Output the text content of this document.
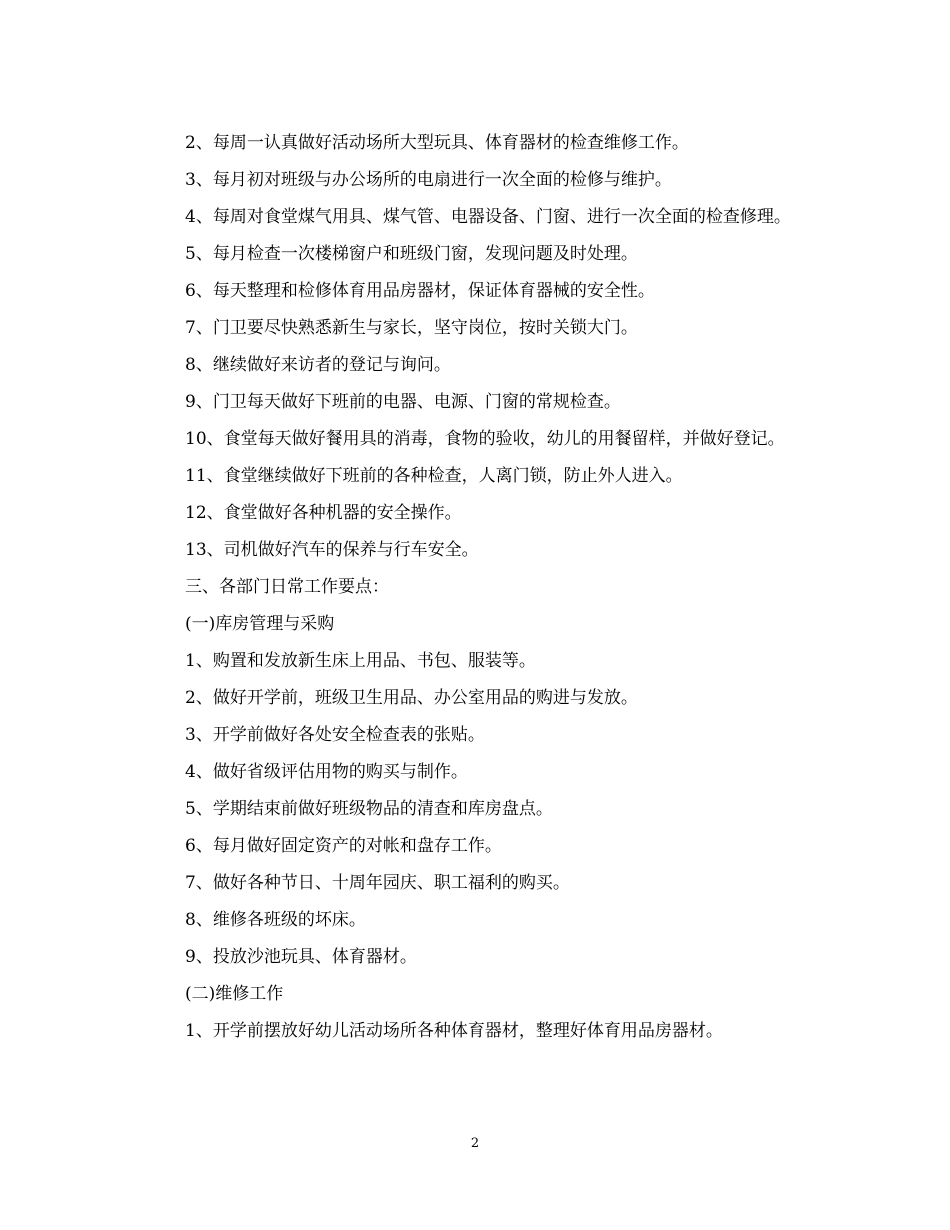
2、每周一认真做好活动场所大型玩具、体育器材的检查维修工作。

3、每月初对班级与办公场所的电扇进行一次全面的检修与维护。

4、每周对食堂煤气用具、煤气管、电器设备、门窗、进行一次全面的检查修理。

5、每月检查一次楼梯窗户和班级门窗，发现问题及时处理。

6、每天整理和检修体育用品房器材，保证体育器械的安全性。

7、门卫要尽快熟悉新生与家长，坚守岗位，按时关锁大门。

8、继续做好来访者的登记与询问。

9、门卫每天做好下班前的电器、电源、门窗的常规检查。

10、食堂每天做好餐用具的消毒，食物的验收，幼儿的用餐留样，并做好登记。

11、食堂继续做好下班前的各种检查，人离门锁，防止外人进入。

12、食堂做好各种机器的安全操作。

13、司机做好汽车的保养与行车安全。

三、各部门日常工作要点：

(一)库房管理与采购

1、购置和发放新生床上用品、书包、服装等。

2、做好开学前，班级卫生用品、办公室用品的购进与发放。

3、开学前做好各处安全检查表的张贴。

4、做好省级评估用物的购买与制作。

5、学期结束前做好班级物品的清查和库房盘点。

6、每月做好固定资产的对帐和盘存工作。

7、做好各种节日、十周年园庆、职工福利的购买。

8、维修各班级的坏床。

9、投放沙池玩具、体育器材。

(二)维修工作

1、开学前摆放好幼儿活动场所各种体育器材，整理好体育用品房器材。

2
